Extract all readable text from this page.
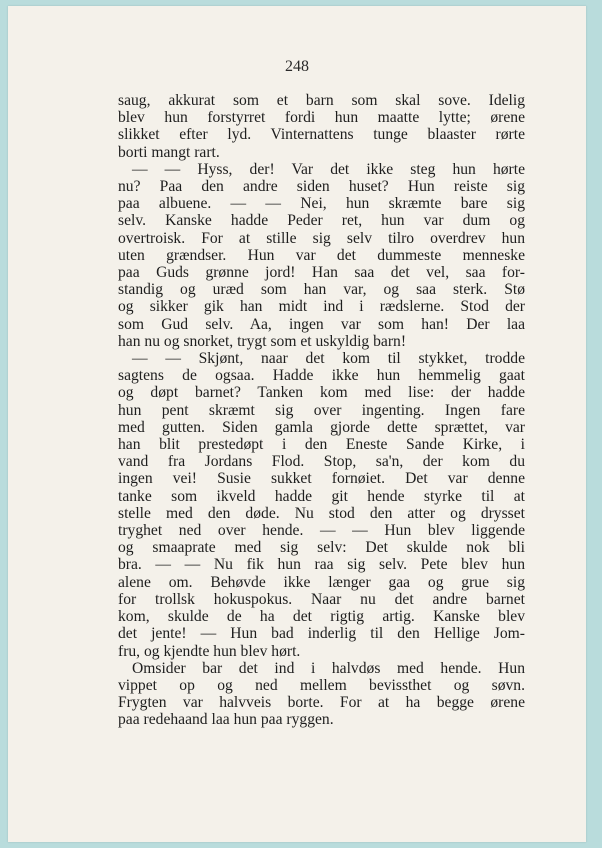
248
saug, akkurat som et barn som skal sove. Idelig
blev hun forstyrret fordi hun maatte lytte; ørene
slikket efter lyd. Vinternattens tunge blaaster rørte
borti mangt rart.
— — Hyss, der! Var det ikke steg hun hørte
nu? Paa den andre siden huset? Hun reiste sig
paa albuene. — — Nei, hun skræmte bare sig
selv. Kanske hadde Peder ret, hun var dum og
overtroisk. For at stille sig selv tilro overdrev hun
uten grændser. Hun var det dummeste menneske
paa Guds grønne jord! Han saa det vel, saa for-
standig og uræd som han var, og saa sterk. Stø
og sikker gik han midt ind i rædslerne. Stod der
som Gud selv. Aa, ingen var som han! Der laa
han nu og snorket, trygt som et uskyldig barn!
— — Skjønt, naar det kom til stykket, trodde
sagtens de ogsaa. Hadde ikke hun hemmelig gaat
og døpt barnet? Tanken kom med lise: der hadde
hun pent skræmt sig over ingenting. Ingen fare
med gutten. Siden gamla gjorde dette sprættet, var
han blit prestedøpt i den Eneste Sande Kirke, i
vand fra Jordans Flod. Stop, sa'n, der kom du
ingen vei! Susie sukket fornøiet. Det var denne
tanke som ikveld hadde git hende styrke til at
stelle med den døde. Nu stod den atter og drysset
tryghet ned over hende. — — Hun blev liggende
og smaaprate med sig selv: Det skulde nok bli
bra. — — Nu fik hun raa sig selv. Pete blev hun
alene om. Behøvde ikke længer gaa og grue sig
for trollsk hokuspokus. Naar nu det andre barnet
kom, skulde de ha det rigtig artig. Kanske blev
det jente! — Hun bad inderlig til den Hellige Jom-
fru, og kjendte hun blev hørt.
Omsider bar det ind i halvdøs med hende. Hun
vippet op og ned mellem bevissthet og søvn.
Frygten var halvveis borte. For at ha begge ørene
paa redehaand laa hun paa ryggen.
